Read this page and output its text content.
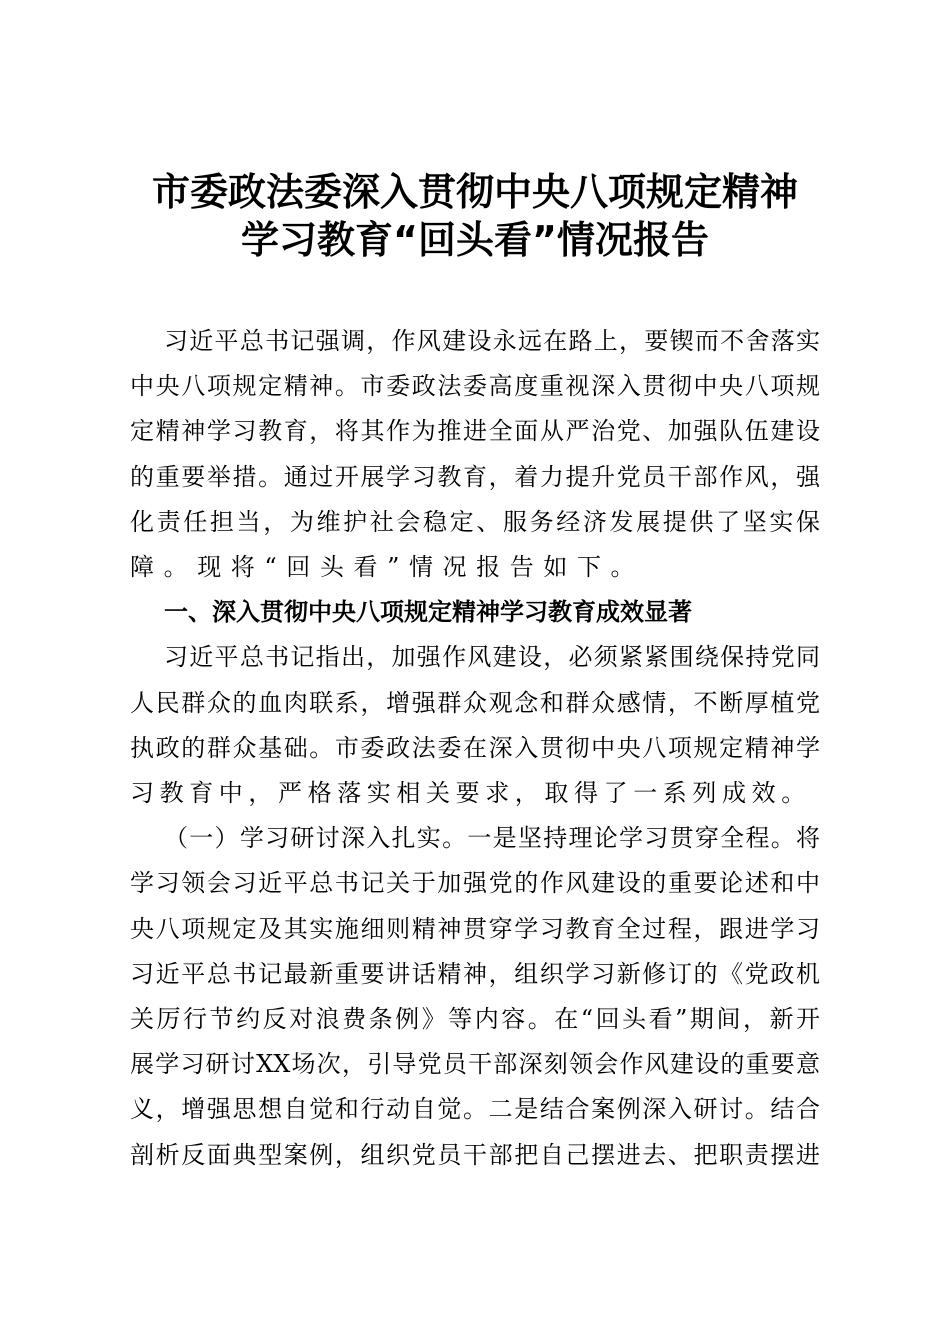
市委政法委深入贯彻中央八项规定精神
学习教育“回头看”情况报告
习近平总书记强调，作风建设永远在路上，要锲而不舍落实
中央八项规定精神。市委政法委高度重视深入贯彻中央八项规
定精神学习教育，将其作为推进全面从严治党、加强队伍建设
的重要举措。通过开展学习教育，着力提升党员干部作风，强
化责任担当，为维护社会稳定、服务经济发展提供了坚实保
障。现将“回头看”情况报告如下。
一、深入贯彻中央八项规定精神学习教育成效显著
习近平总书记指出，加强作风建设，必须紧紧围绕保持党同
人民群众的血肉联系，增强群众观念和群众感情，不断厚植党
执政的群众基础。市委政法委在深入贯彻中央八项规定精神学
习教育中，严格落实相关要求，取得了一系列成效。
（一）学习研讨深入扎实。一是坚持理论学习贯穿全程。将
学习领会习近平总书记关于加强党的作风建设的重要论述和中
央八项规定及其实施细则精神贯穿学习教育全过程，跟进学习
习近平总书记最新重要讲话精神，组织学习新修订的《党政机
关厉行节约反对浪费条例》等内容。在“回头看”期间，新开
展学习研讨XX场次，引导党员干部深刻领会作风建设的重要意
义，增强思想自觉和行动自觉。二是结合案例深入研讨。结合
剖析反面典型案例，组织党员干部把自己摆进去、把职责摆进
